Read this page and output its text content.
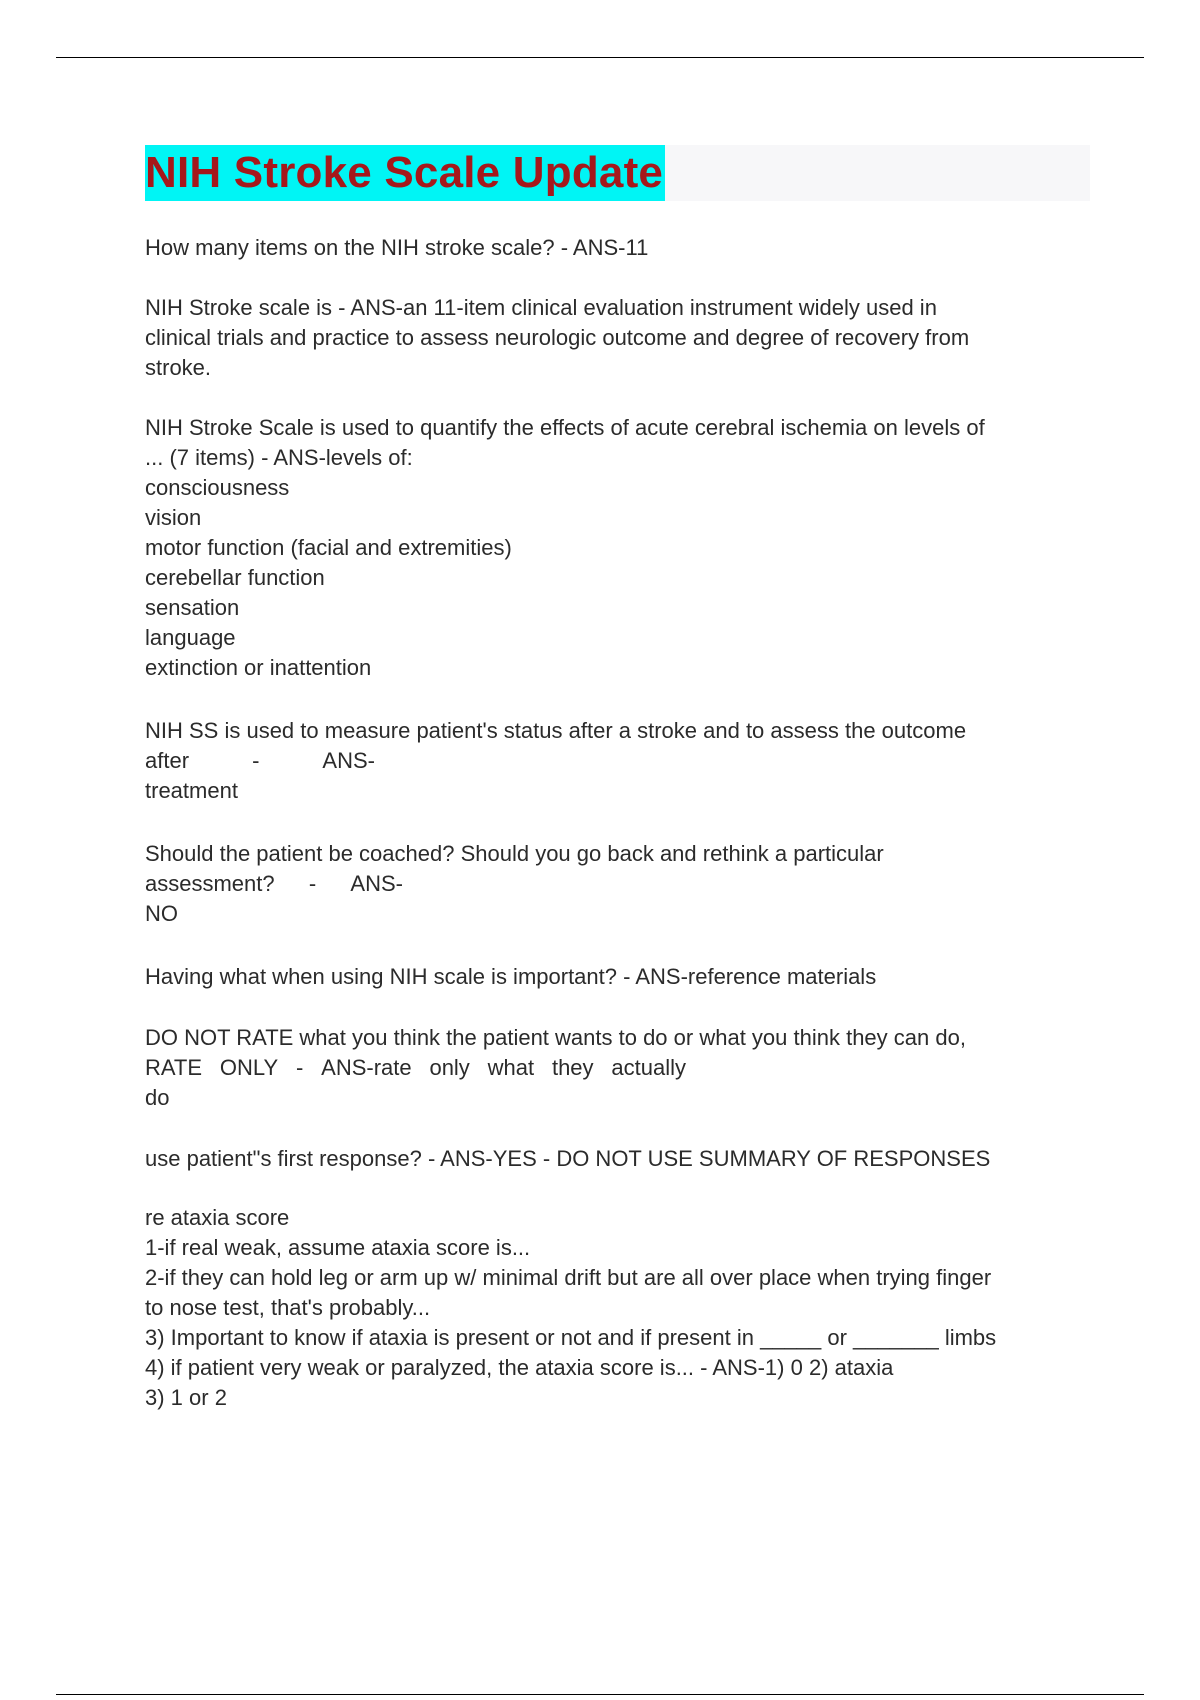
NIH Stroke Scale Update
How many items on the NIH stroke scale? - ANS-11
NIH Stroke scale is - ANS-an 11-item clinical evaluation instrument widely used in
clinical trials and practice to assess neurologic outcome and degree of recovery from
stroke.
NIH Stroke Scale is used to quantify the effects of acute cerebral ischemia on levels of
... (7 items) - ANS-levels of:
consciousness
vision
motor function (facial and extremities)
cerebellar function
sensation
language
extinction or inattention
NIH SS is used to measure patient's status after a stroke and to assess the outcome
after	-	ANS-
treatment
Should the patient be coached? Should you go back and rethink a particular
assessment? - ANS-
NO
Having what when using NIH scale is important? - ANS-reference materials
DO NOT RATE what you think the patient wants to do or what you think they can do,
RATE ONLY - ANS-rate only what they actually
do
use patient"s first response? - ANS-YES - DO NOT USE SUMMARY OF RESPONSES
re ataxia score
1-if real weak, assume ataxia score is...
2-if they can hold leg or arm up w/ minimal drift but are all over place when trying finger
to nose test, that's probably...
3) Important to know if ataxia is present or not and if present in _____ or _______ limbs
4) if patient very weak or paralyzed, the ataxia score is... - ANS-1) 0 2) ataxia
3) 1 or 2
